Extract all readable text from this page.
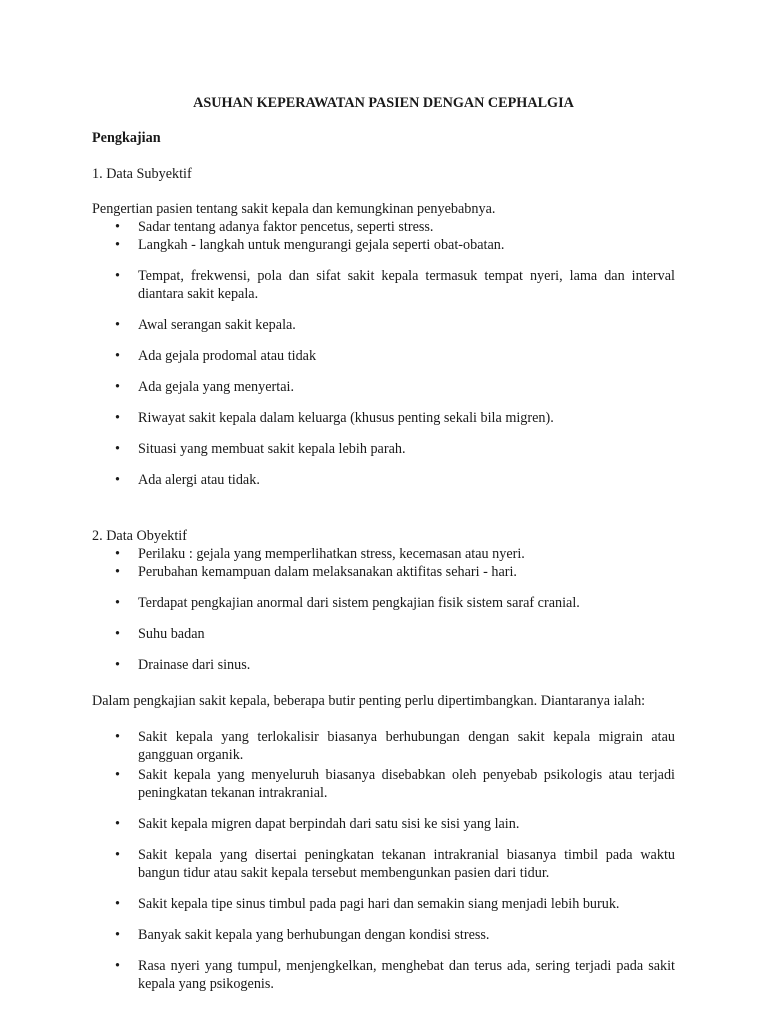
ASUHAN KEPERAWATAN PASIEN DENGAN CEPHALGIA

Pengkajian

1. Data Subyektif

Pengertian pasien tentang sakit kepala dan kemungkinan penyebabnya.

• Sadar tentang adanya faktor pencetus, seperti stress.
• Langkah - langkah untuk mengurangi gejala seperti obat-obatan.
• Tempat, frekwensi, pola dan sifat sakit kepala termasuk tempat nyeri, lama dan interval diantara sakit kepala.
• Awal serangan sakit kepala.
• Ada gejala prodomal atau tidak
• Ada gejala yang menyertai.
• Riwayat sakit kepala dalam keluarga (khusus penting sekali bila migren).
• Situasi yang membuat sakit kepala lebih parah.
• Ada alergi atau tidak.

2. Data Obyektif

• Perilaku : gejala yang memperlihatkan stress, kecemasan atau nyeri.
• Perubahan kemampuan dalam melaksanakan aktifitas sehari - hari.
• Terdapat pengkajian anormal dari sistem pengkajian fisik sistem saraf cranial.
• Suhu badan
• Drainase dari sinus.

Dalam pengkajian sakit kepala, beberapa butir penting perlu dipertimbangkan. Diantaranya ialah:

• Sakit kepala yang terlokalisir biasanya berhubungan dengan sakit kepala migrain atau gangguan organik.
• Sakit kepala yang menyeluruh biasanya disebabkan oleh penyebab psikologis atau terjadi peningkatan tekanan intrakranial.
• Sakit kepala migren dapat berpindah dari satu sisi ke sisi yang lain.
• Sakit kepala yang disertai peningkatan tekanan intrakranial biasanya timbil pada waktu bangun tidur atau sakit kepala tersebut membengunkan pasien dari tidur.
• Sakit kepala tipe sinus timbul pada pagi hari dan semakin siang menjadi lebih buruk.
• Banyak sakit kepala yang berhubungan dengan kondisi stress.
• Rasa nyeri yang tumpul, menjengkelkan, menghebat dan terus ada, sering terjadi pada sakit kepala yang psikogenis.
